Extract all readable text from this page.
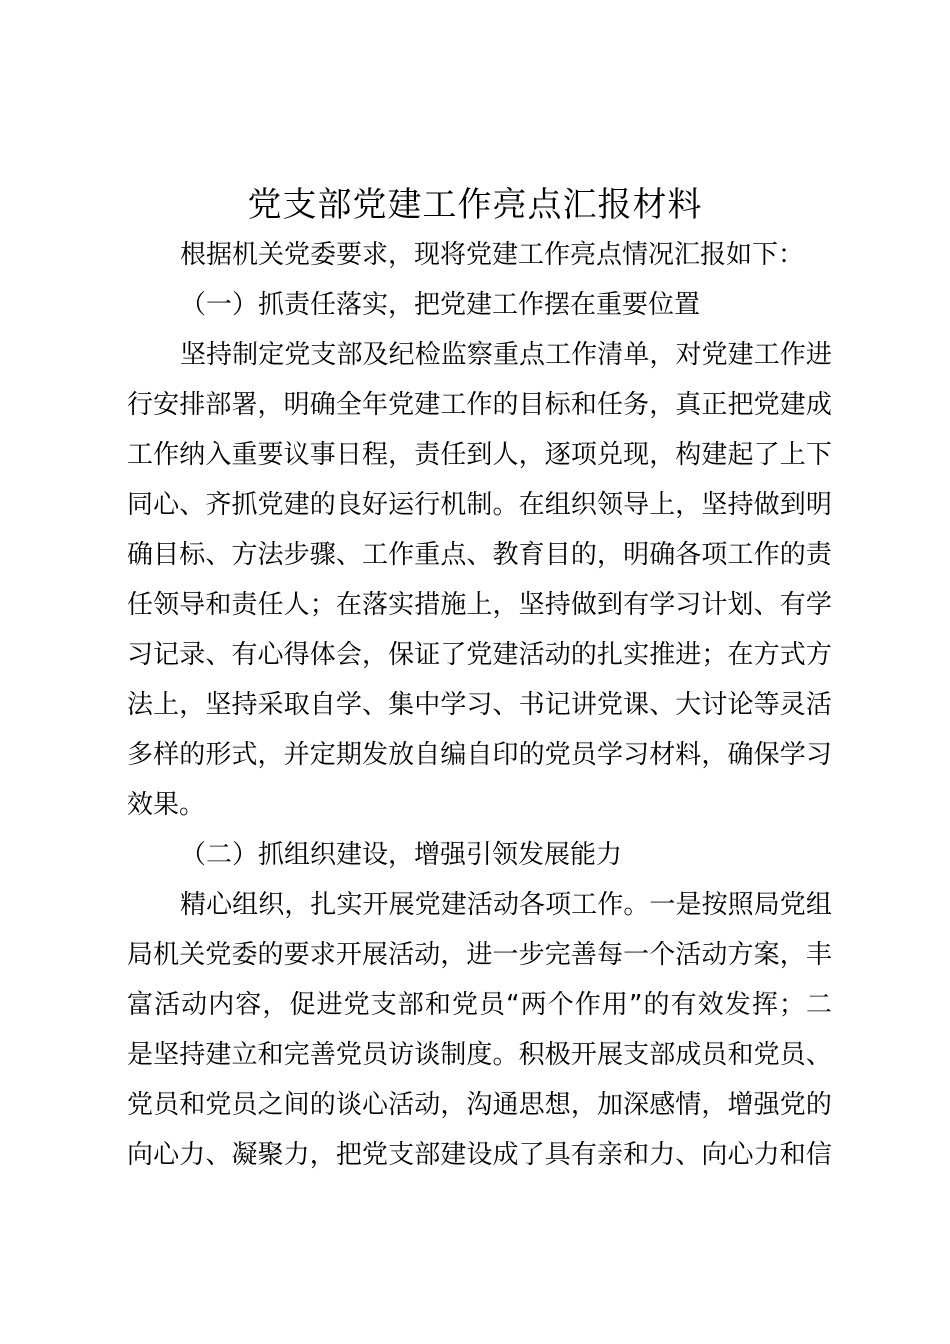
党支部党建工作亮点汇报材料
根据机关党委要求，现将党建工作亮点情况汇报如下：
（一）抓责任落实，把党建工作摆在重要位置
坚 持 制 定 党 支 部 及 纪 检 监 察 重 点 工 作 清 单 ， 对 党 建 工 作 进
行 安 排 部 署 ， 明 确 全 年 党 建 工 作 的 目 标 和 任 务 ， 真 正 把 党 建 成
工 作 纳 入 重 要 议 事 日 程 ， 责 任 到 人 ， 逐 项 兑 现 ， 构 建 起 了 上 下
同 心 、 齐 抓 党 建 的 良 好 运 行 机 制 。 在 组 织 领 导 上 ， 坚 持 做 到 明
确 目 标 、 方 法 步 骤 、 工 作 重 点 、 教 育 目 的 ， 明 确 各 项 工 作 的 责
任 领 导 和 责 任 人 ； 在 落 实 措 施 上 ， 坚 持 做 到 有 学 习 计 划 、 有 学
习 记 录 、 有 心 得 体 会 ， 保 证 了 党 建 活 动 的 扎 实 推 进 ； 在 方 式 方
法 上 ， 坚 持 采 取 自 学 、 集 中 学 习 、 书 记 讲 党 课 、 大 讨 论 等 灵 活
多 样 的 形 式 ， 并 定 期 发 放 自 编 自 印 的 党 员 学 习 材 料 ， 确 保 学 习
效果。
（二）抓组织建设，增强引领发展能力
精 心 组 织 ， 扎 实 开 展 党 建 活 动 各 项 工 作 。 一 是 按 照 局 党 组
局 机 关 党 委 的 要 求 开 展 活 动 ， 进 一 步 完 善 每 一 个 活 动 方 案 ， 丰
富 活 动 内 容 ， 促 进 党 支 部 和 党 员 “ 两 个 作 用 ” 的 有 效 发 挥 ； 二
是 坚 持 建 立 和 完 善 党 员 访 谈 制 度 。 积 极 开 展 支 部 成 员 和 党 员 、
党 员 和 党 员 之 间 的 谈 心 活 动 ， 沟 通 思 想 ， 加 深 感 情 ， 增 强 党 的
向 心 力 、 凝 聚 力 ， 把 党 支 部 建 设 成 了 具 有 亲 和 力 、 向 心 力 和 信
